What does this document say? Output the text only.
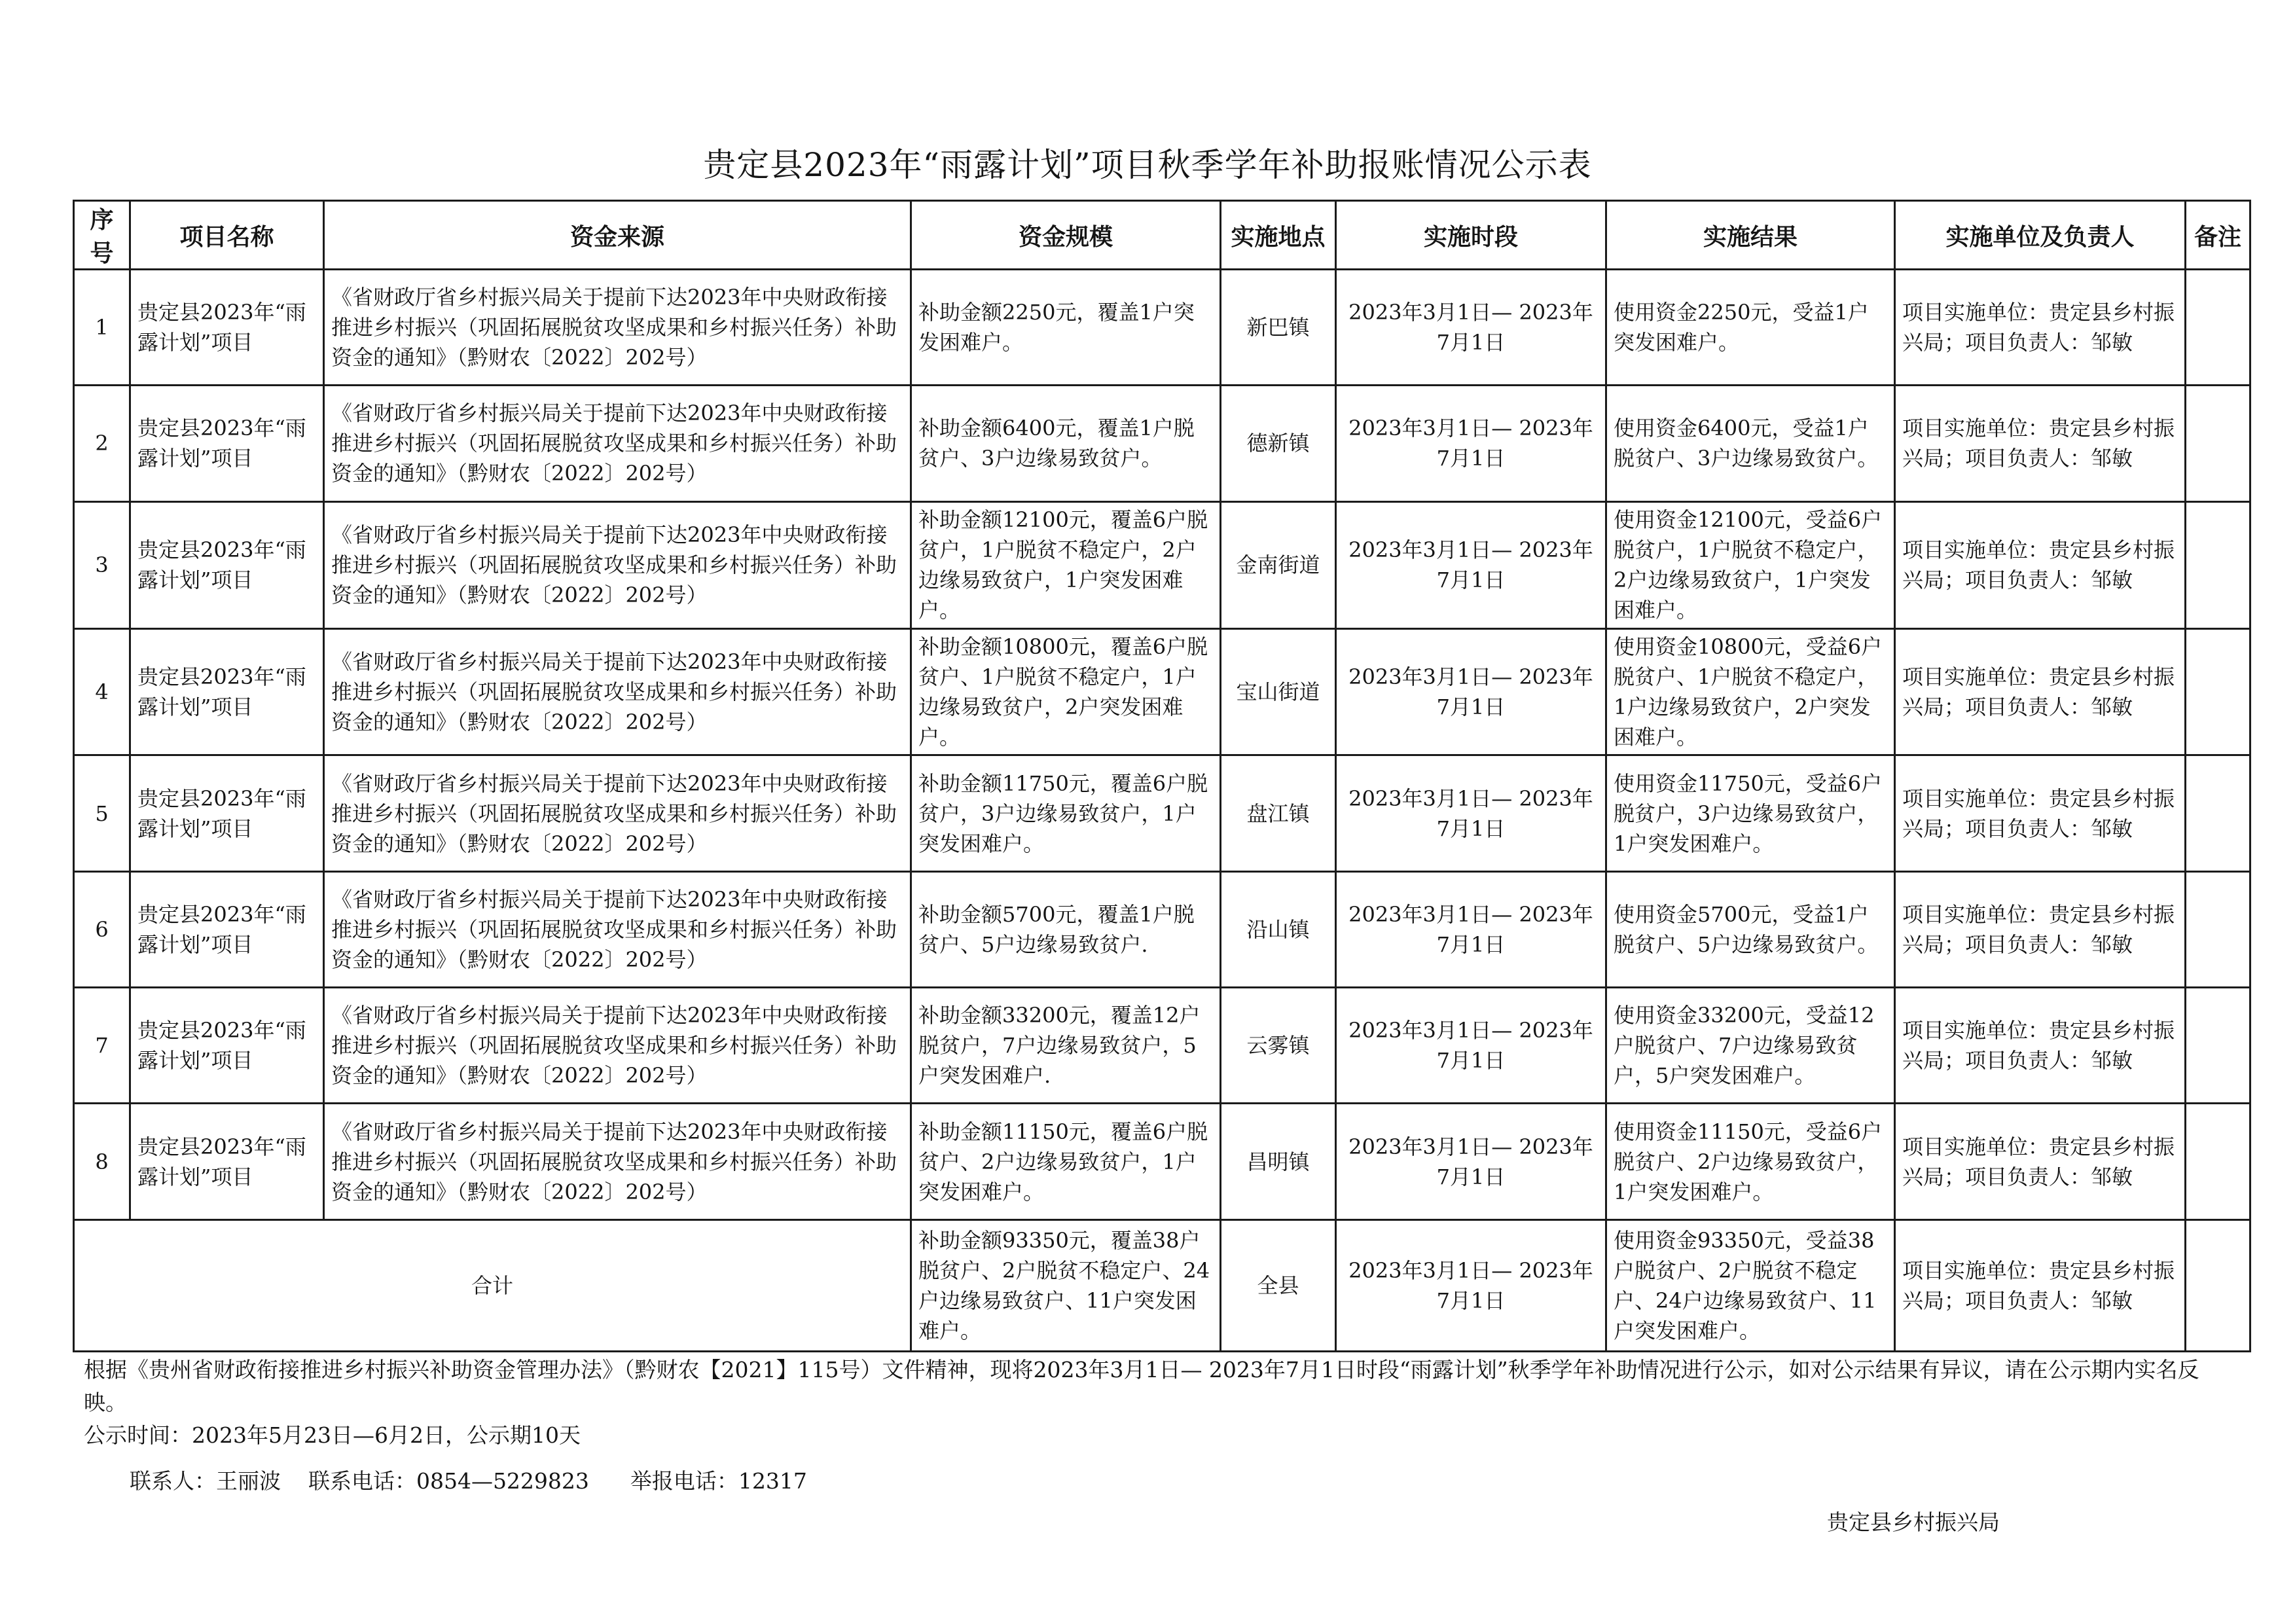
贵定县2023年“雨露计划”项目秋季学年补助报账情况公示表
序号	项目名称	资金来源	资金规模	实施地点	实施时段	实施结果	实施单位及负责人	备注
1	贵定县2023年“雨露计划”项目	《省财政厅省乡村振兴局关于提前下达2023年中央财政衔接推进乡村振兴（巩固拓展脱贫攻坚成果和乡村振兴任务）补助资金的通知》（黔财农〔2022〕202号）	补助金额2250元，覆盖1户突发困难户。	新巴镇	2023年3月1日— 2023年7月1日	使用资金2250元，受益1户突发困难户。	项目实施单位：贵定县乡村振兴局；项目负责人：邹敏	
2	贵定县2023年“雨露计划”项目	《省财政厅省乡村振兴局关于提前下达2023年中央财政衔接推进乡村振兴（巩固拓展脱贫攻坚成果和乡村振兴任务）补助资金的通知》（黔财农〔2022〕202号）	补助金额6400元，覆盖1户脱贫户、3户边缘易致贫户。	德新镇	2023年3月1日— 2023年7月1日	使用资金6400元，受益1户脱贫户、3户边缘易致贫户。	项目实施单位：贵定县乡村振兴局；项目负责人：邹敏	
3	贵定县2023年“雨露计划”项目	《省财政厅省乡村振兴局关于提前下达2023年中央财政衔接推进乡村振兴（巩固拓展脱贫攻坚成果和乡村振兴任务）补助资金的通知》（黔财农〔2022〕202号）	补助金额12100元，覆盖6户脱贫户，1户脱贫不稳定户，2户边缘易致贫户，1户突发困难户。	金南街道	2023年3月1日— 2023年7月1日	使用资金12100元，受益6户脱贫户，1户脱贫不稳定户，2户边缘易致贫户，1户突发困难户。	项目实施单位：贵定县乡村振兴局；项目负责人：邹敏	
4	贵定县2023年“雨露计划”项目	《省财政厅省乡村振兴局关于提前下达2023年中央财政衔接推进乡村振兴（巩固拓展脱贫攻坚成果和乡村振兴任务）补助资金的通知》（黔财农〔2022〕202号）	补助金额10800元，覆盖6户脱贫户、1户脱贫不稳定户，1户边缘易致贫户，2户突发困难户。	宝山街道	2023年3月1日— 2023年7月1日	使用资金10800元，受益6户脱贫户、1户脱贫不稳定户，1户边缘易致贫户，2户突发困难户。	项目实施单位：贵定县乡村振兴局；项目负责人：邹敏	
5	贵定县2023年“雨露计划”项目	《省财政厅省乡村振兴局关于提前下达2023年中央财政衔接推进乡村振兴（巩固拓展脱贫攻坚成果和乡村振兴任务）补助资金的通知》（黔财农〔2022〕202号）	补助金额11750元，覆盖6户脱贫户，3户边缘易致贫户，1户突发困难户。	盘江镇	2023年3月1日— 2023年7月1日	使用资金11750元，受益6户脱贫户，3户边缘易致贫户，1户突发困难户。	项目实施单位：贵定县乡村振兴局；项目负责人：邹敏	
6	贵定县2023年“雨露计划”项目	《省财政厅省乡村振兴局关于提前下达2023年中央财政衔接推进乡村振兴（巩固拓展脱贫攻坚成果和乡村振兴任务）补助资金的通知》（黔财农〔2022〕202号）	补助金额5700元，覆盖1户脱贫户、5户边缘易致贫户.	沿山镇	2023年3月1日— 2023年7月1日	使用资金5700元，受益1户脱贫户、5户边缘易致贫户。	项目实施单位：贵定县乡村振兴局；项目负责人：邹敏	
7	贵定县2023年“雨露计划”项目	《省财政厅省乡村振兴局关于提前下达2023年中央财政衔接推进乡村振兴（巩固拓展脱贫攻坚成果和乡村振兴任务）补助资金的通知》（黔财农〔2022〕202号）	补助金额33200元，覆盖12户脱贫户，7户边缘易致贫户，5户突发困难户.	云雾镇	2023年3月1日— 2023年7月1日	使用资金33200元，受益12户脱贫户、7户边缘易致贫户，5户突发困难户。	项目实施单位：贵定县乡村振兴局；项目负责人：邹敏	
8	贵定县2023年“雨露计划”项目	《省财政厅省乡村振兴局关于提前下达2023年中央财政衔接推进乡村振兴（巩固拓展脱贫攻坚成果和乡村振兴任务）补助资金的通知》（黔财农〔2022〕202号）	补助金额11150元，覆盖6户脱贫户、2户边缘易致贫户，1户突发困难户。	昌明镇	2023年3月1日— 2023年7月1日	使用资金11150元，受益6户脱贫户、2户边缘易致贫户，1户突发困难户。	项目实施单位：贵定县乡村振兴局；项目负责人：邹敏	
合计			补助金额93350元，覆盖38户脱贫户、2户脱贫不稳定户、24户边缘易致贫户、11户突发困难户。	全县	2023年3月1日— 2023年7月1日	使用资金93350元，受益38户脱贫户、2户脱贫不稳定户、24户边缘易致贫户、11户突发困难户。	项目实施单位：贵定县乡村振兴局；项目负责人：邹敏	

根据《贵州省财政衔接推进乡村振兴补助资金管理办法》（黔财农【2021】115号）文件精神，现将2023年3月1日— 2023年7月1日时段“雨露计划”秋季学年补助情况进行公示，如对公示结果有异议，请在公示期内实名反映。

公示时间：2023年5月23日—6月2日，公示期10天

联系人：王丽波    联系电话：0854—5229823      举报电话：12317
贵定县乡村振兴局
